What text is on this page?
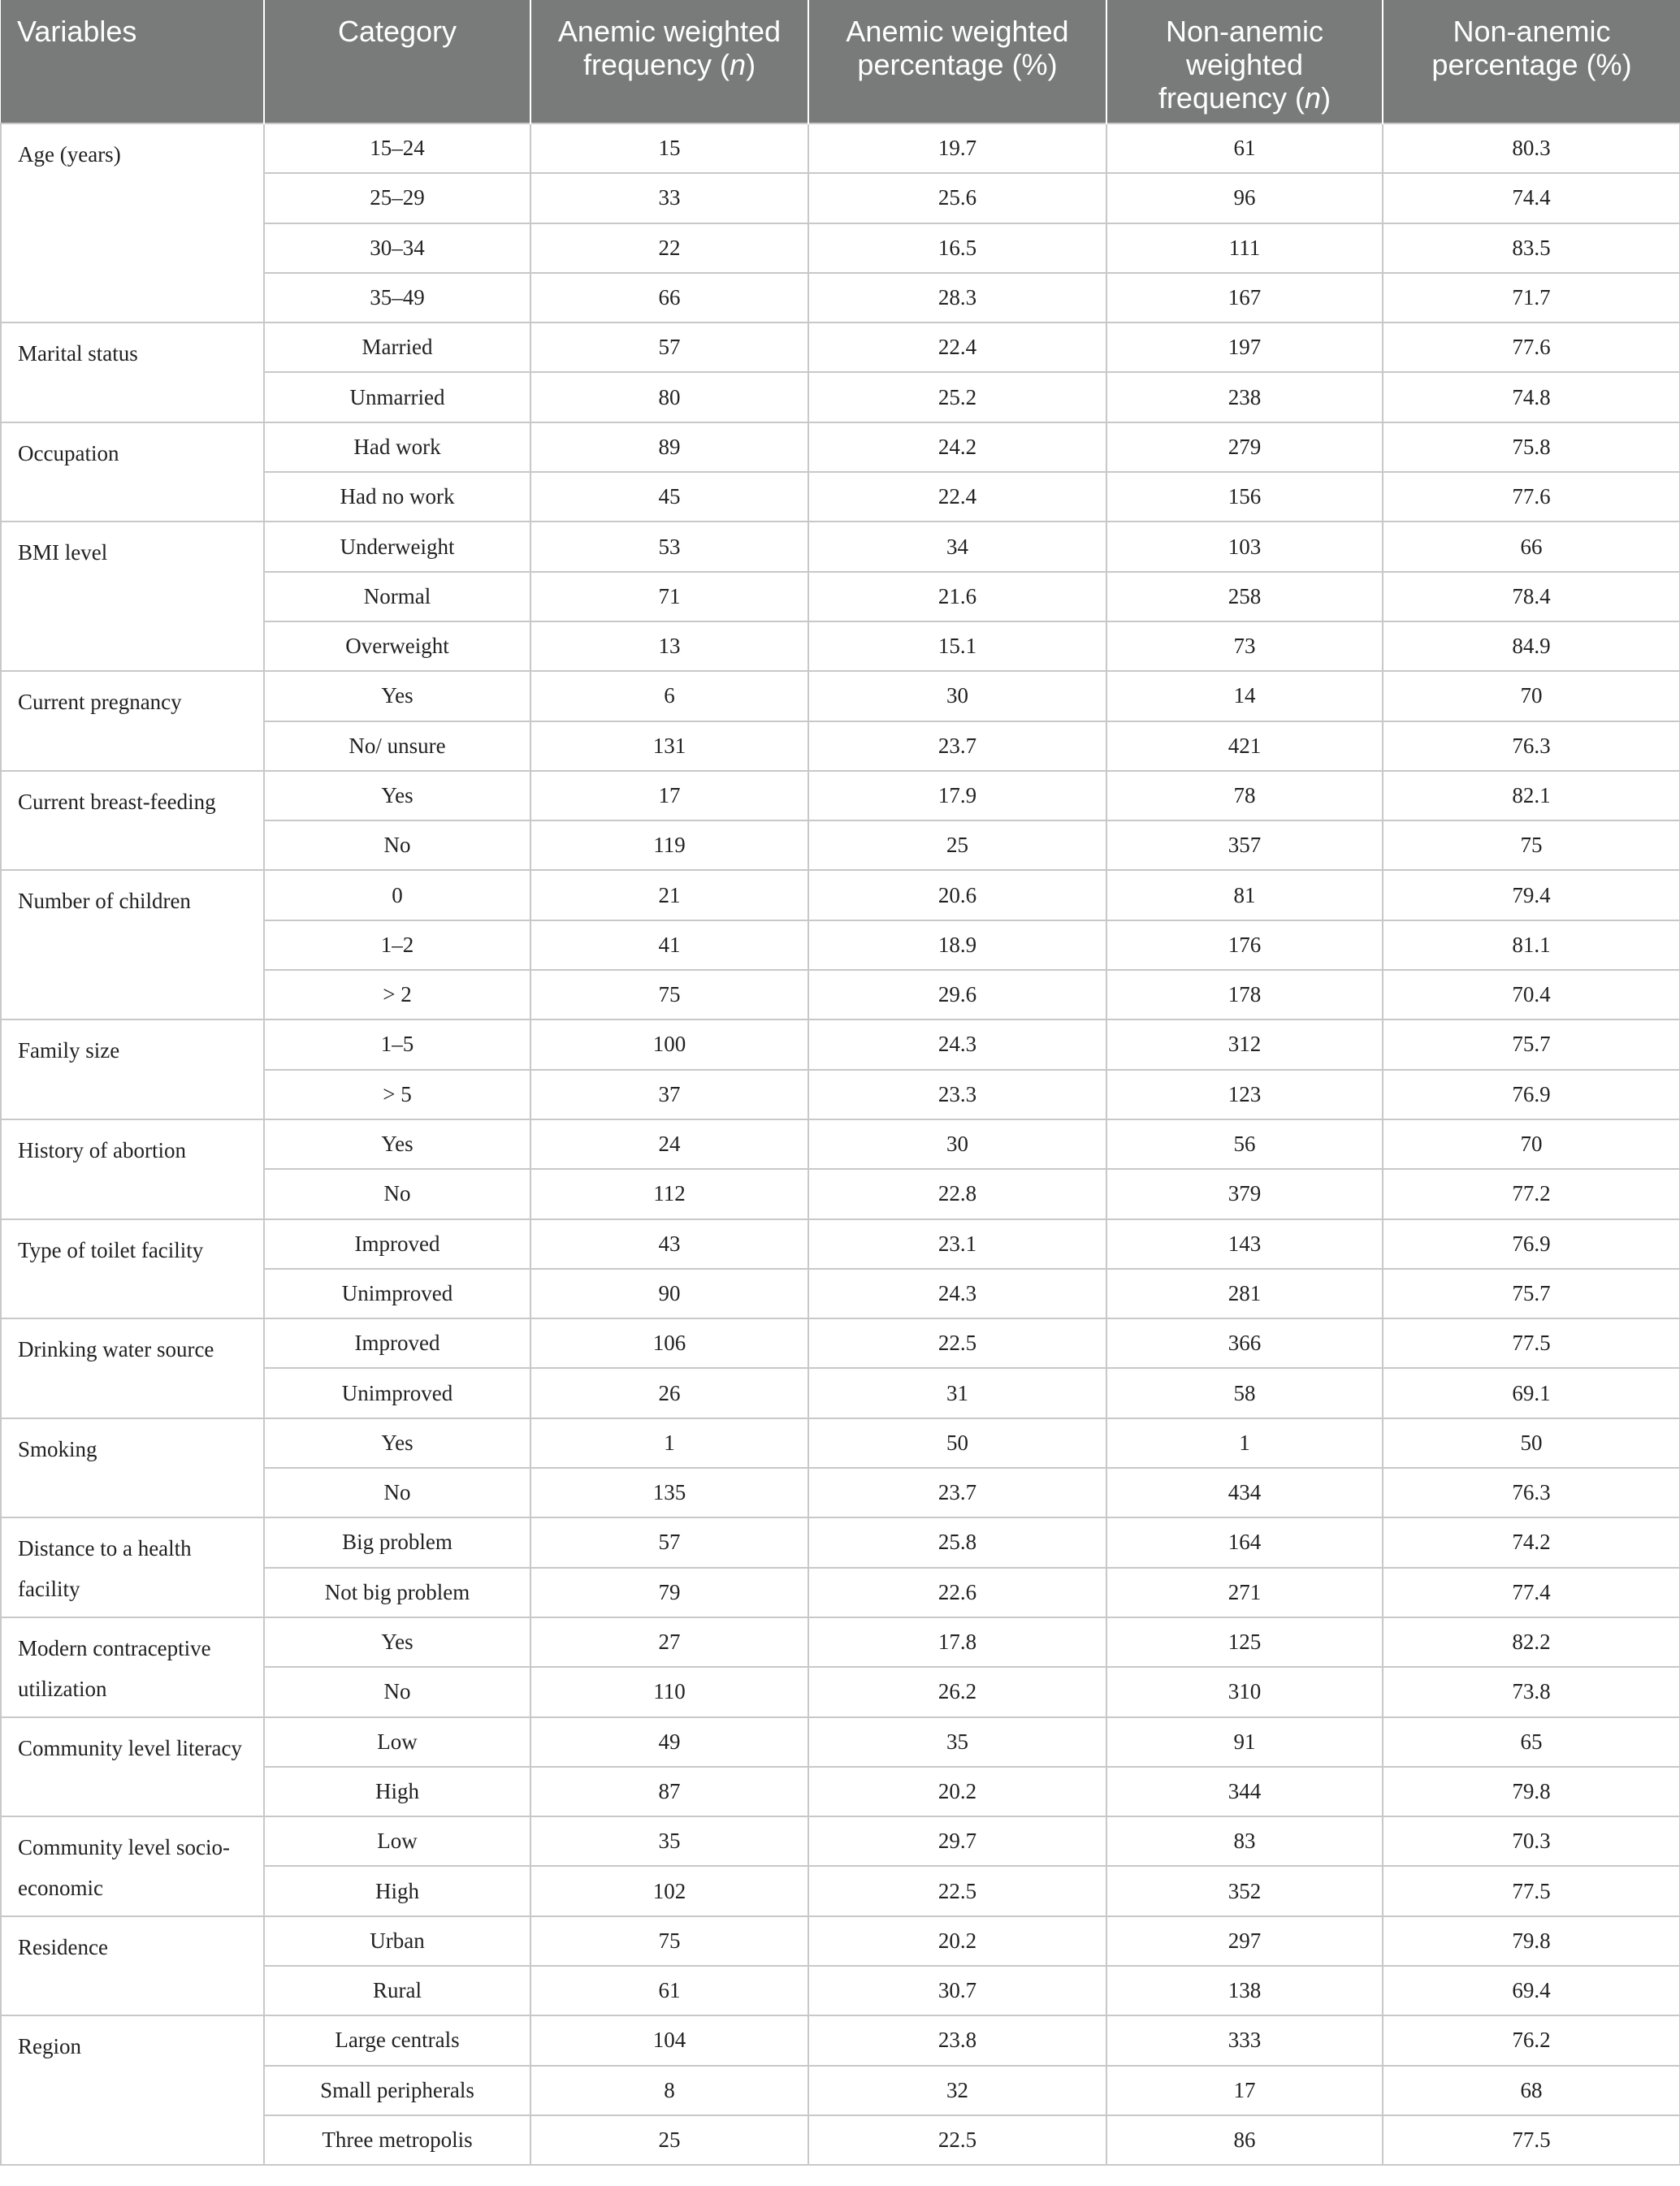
Variables	Category	Anemic weighted frequency (n)	Anemic weighted percentage (%)	Non-anemic weighted frequency (n)	Non-anemic percentage (%)
Age (years)	15–24	15	19.7	61	80.3
	25–29	33	25.6	96	74.4
	30–34	22	16.5	111	83.5
	35–49	66	28.3	167	71.7
Marital status	Married	57	22.4	197	77.6
	Unmarried	80	25.2	238	74.8
Occupation	Had work	89	24.2	279	75.8
	Had no work	45	22.4	156	77.6
BMI level	Underweight	53	34	103	66
	Normal	71	21.6	258	78.4
	Overweight	13	15.1	73	84.9
Current pregnancy	Yes	6	30	14	70
	No/ unsure	131	23.7	421	76.3
Current breast-feeding	Yes	17	17.9	78	82.1
	No	119	25	357	75
Number of children	0	21	20.6	81	79.4
	1–2	41	18.9	176	81.1
	> 2	75	29.6	178	70.4
Family size	1–5	100	24.3	312	75.7
	> 5	37	23.3	123	76.9
History of abortion	Yes	24	30	56	70
	No	112	22.8	379	77.2
Type of toilet facility	Improved	43	23.1	143	76.9
	Unimproved	90	24.3	281	75.7
Drinking water source	Improved	106	22.5	366	77.5
	Unimproved	26	31	58	69.1
Smoking	Yes	1	50	1	50
	No	135	23.7	434	76.3
Distance to a health facility	Big problem	57	25.8	164	74.2
	Not big problem	79	22.6	271	77.4
Modern contraceptive utilization	Yes	27	17.8	125	82.2
	No	110	26.2	310	73.8
Community level literacy	Low	49	35	91	65
	High	87	20.2	344	79.8
Community level socio-economic	Low	35	29.7	83	70.3
	High	102	22.5	352	77.5
Residence	Urban	75	20.2	297	79.8
	Rural	61	30.7	138	69.4
Region	Large centrals	104	23.8	333	76.2
	Small peripherals	8	32	17	68
	Three metropolis	25	22.5	86	77.5
